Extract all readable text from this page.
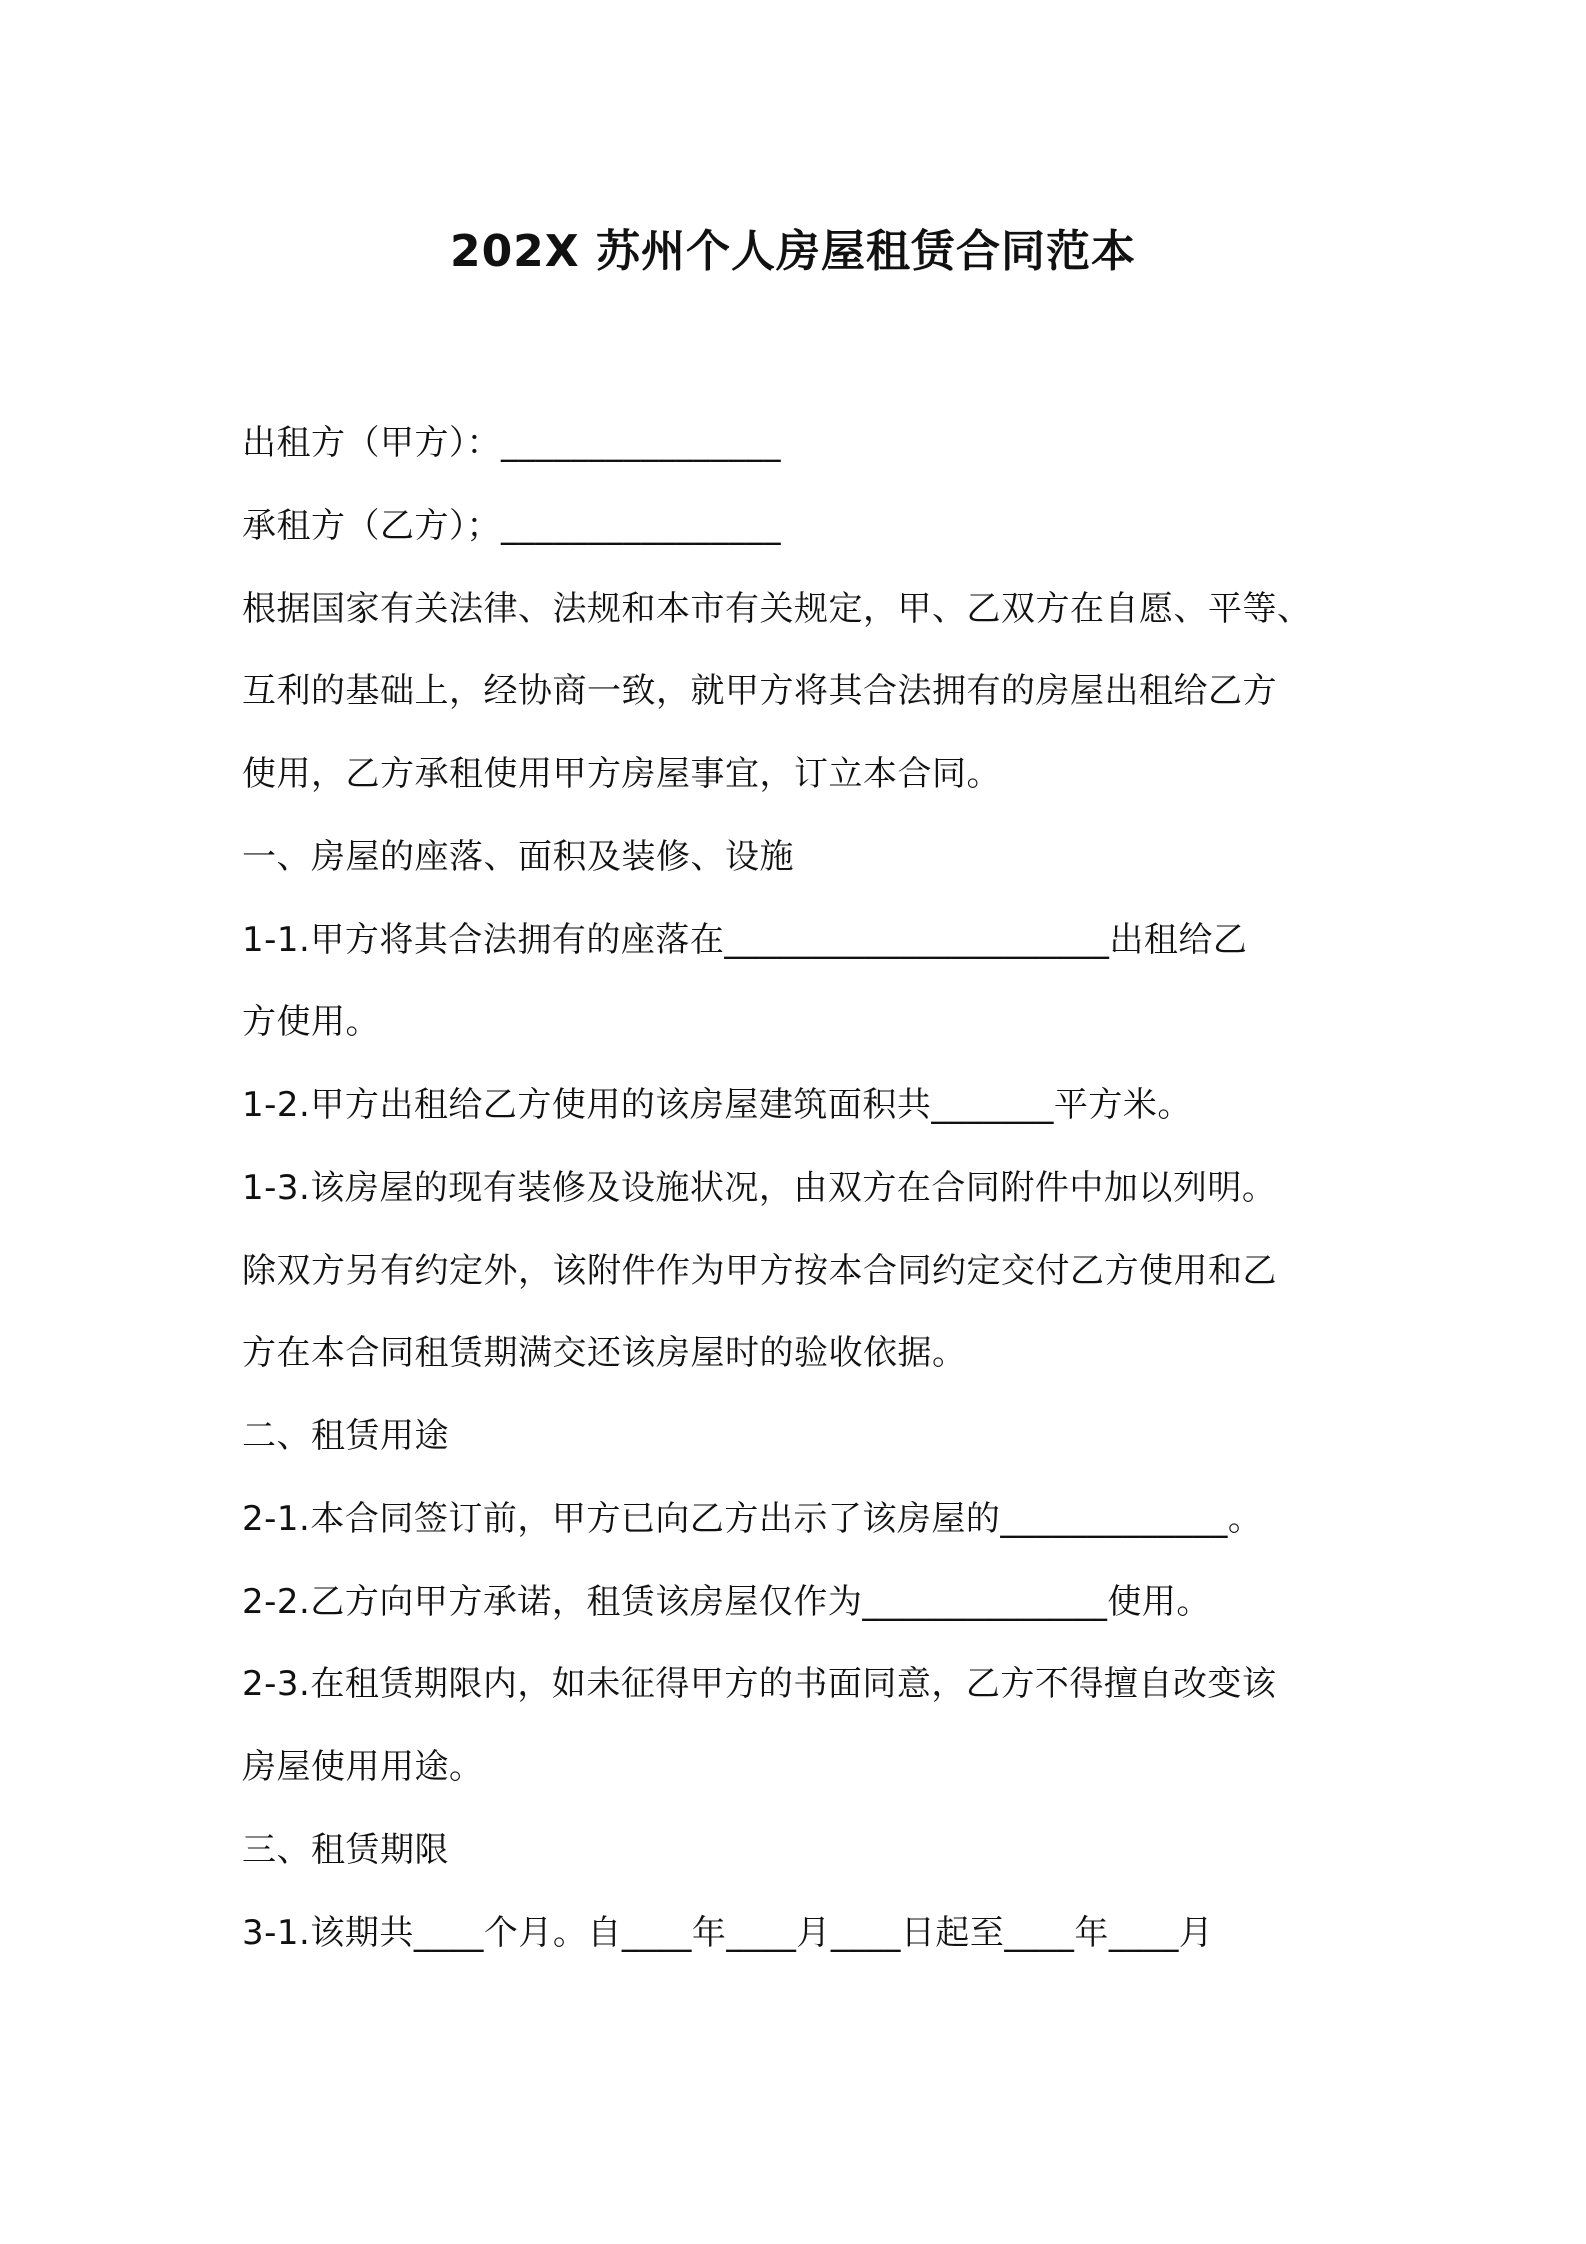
202X 苏州个人房屋租赁合同范本
出租方（甲方）：________________
承租方（乙方）；________________
根据国家有关法律、法规和本市有关规定，甲、乙双方在自愿、平等、
互利的基础上，经协商一致，就甲方将其合法拥有的房屋出租给乙方
使用，乙方承租使用甲方房屋事宜，订立本合同。
一、房屋的座落、面积及装修、设施
1-1.甲方将其合法拥有的座落在______________________出租给乙
方使用。
1-2.甲方出租给乙方使用的该房屋建筑面积共_______平方米。
1-3.该房屋的现有装修及设施状况，由双方在合同附件中加以列明。
除双方另有约定外，该附件作为甲方按本合同约定交付乙方使用和乙
方在本合同租赁期满交还该房屋时的验收依据。
二、租赁用途
2-1.本合同签订前，甲方已向乙方出示了该房屋的_____________。
2-2.乙方向甲方承诺，租赁该房屋仅作为______________使用。
2-3.在租赁期限内，如未征得甲方的书面同意，乙方不得擅自改变该
房屋使用用途。
三、租赁期限
3-1.该期共____个月。自____年____月____日起至____年____月
